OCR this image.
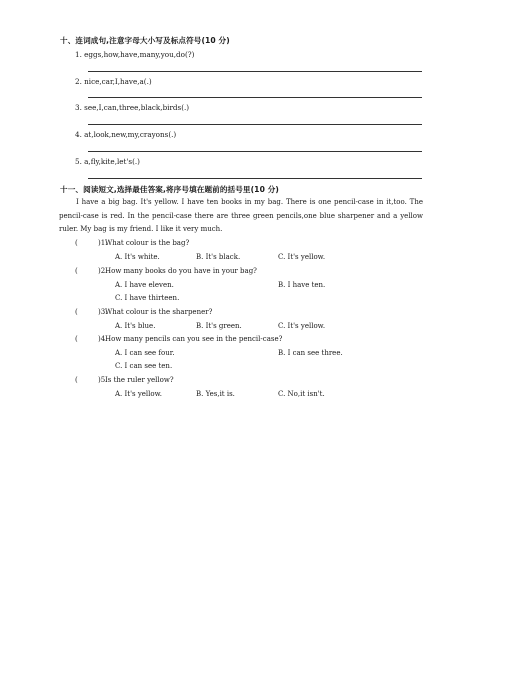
十、连词成句,注意字母大小写及标点符号(10 分)
1. eggs,how,have,many,you,do(?)
2. nice,car,I,have,a(.)
3. see,I,can,three,black,birds(.)
4. at,look,new,my,crayons(.)
5. a,fly,kite,let's(.)
十一、阅读短文,选择最佳答案,将序号填在题前的括号里(10 分)

I have a big bag. It's yellow. I have ten books in my bag. There is one pencil-case in it,too. The pencil-case is red. In the pencil-case there are three green pencils,one blue sharpener and a yellow ruler. My bag is my friend. I like it very much.

(	)1.
What colour is the bag?
A. It's white.	B. It's black.	C. It's yellow.
(	)2.
How many books do you have in your bag?
A. I have eleven.	B. I have ten.
C. I have thirteen.
(	)3.
What colour is the sharpener?
A. It's blue.	B. It's green.	C. It's yellow.
(	)4.
How many pencils can you see in the pencil-case?
A. I can see four.	B. I can see three.
C. I can see ten.
(	)5.
Is the ruler yellow?
A. It's yellow.	B. Yes,it is.	C. No,it isn't.
